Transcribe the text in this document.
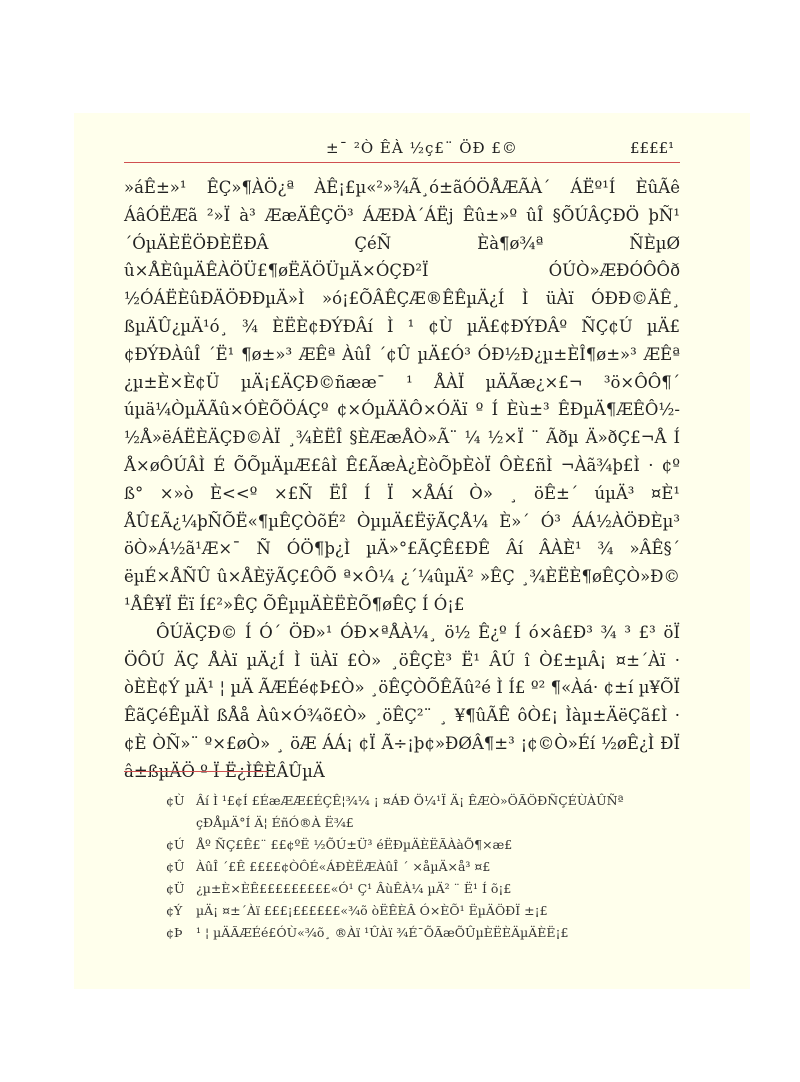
±¯ ²Ò ÊÀ ½ç£¨ ÖÐ £©	££££¹

»áÊ±»¹ ÊÇ»¶ÀÖ¿ª ÀÊ¡£µ«²»¾Ã¸ó±ãÓÖÅÆÃÀ´ ÁËº¹Í ÈûÃê ÁâÓËÆã ²»Ï à³ ÆæÄÊÇÖ³ ÁÆÐÀ´ÁËj Êû±»º ûÎ §ÕÚÂÇÐÖ þÑ¹ ´ÓµÄÈËÖÐÈËÐÂ ÇéÑ Èà¶ø¾ª ÑÈµØ û×ÅÈûµÄÊÀÖÜ£¶øËÄÖÜµÄ×ÓÇÐ²Ï ÓÚÒ»ÆÐÓÔÔð ½ÓÁËÈûÐÄÖÐÐµÄ»Ì »ó¡£ÕÂÊÇÆ®ÊÊµÄ¿Í Ì üÀï ÓÐÐ©ÄÊ¸ ßµÄÛ¿µÄ¹ó¸ ¾ ÈËÈ¢ÐÝÐÂí Ì ¹ ¢Ù µÄ£¢ÐÝÐÂº ÑÇ¢Ú µÄ£¢ÐÝÐÀûÎ ´Ë¹ ¶ø±»³ ÆÊª ÀûÎ ´¢Û µÄ£Ó³ ÓÐ½Ð¿µ±ÈÎ¶ø±»³ ÆÊª ¿µ±È×È¢Ü µÄ¡£ÄÇÐ©ñææ¯ ¹ ÅÀÏ µÄÃæ¿×£¬ ³ö×ÔÔ¶´ úµä¼ÒµÄÃû×ÓÈÕÖÁÇº ¢×ÓµÄÄÔ×ÓÄï º Í Èù±³ ÊÐµÄ¶ÆÊÔ½ ½Å»ëÁËÈÄÇÐ©ÀÏ ¸¾ÈËÎ §ÈÆæÅÒ»Ã¨ ¼ ½×Ï ¨ Ãðµ Ä»ðÇ£¬Å Í Å×øÔÚÂÌ É ÕÕµÄµÆ£âÌ Ê£ÃæÀ¿ÈòÕþÈòÏ ÔÈ£ñÌ ¬Àã¾þ£Ì · ¢º ß° ×»ò È<<º ×£Ñ ËÎ Í Ï ×ÅÁí Ò» ¸ öÊ±´ úµÄ³ ¤È¹ ÅÛ£Ã¿¼þÑÕË«¶µÊÇÒõÉ² ÒµµÄ£ËÿÃÇÅ¼ È»´ Ó³ ÁÁ½ÀÖÐÈµ³ öÒ»Á½ã¹Æ×¯ Ñ ÓÖ¶þ¿Ì µÄ»°£ÃÇÊ£ÐÊ Âí ÂÀÈ¹ ¾ »ÂÊ§´ ëµÉ×ÅÑÛ û×ÅÈÿÃÇ£ÔÕ ª×Ô¼ ¿´¼ûµÄ² »ÊÇ ¸¾ÈËÈ¶øÊÇÒ»Ð© ¹ÅÊ¥Ï Ëï Í£²»ÊÇ ÕÊµµÄÈËÈÕ¶øÊÇ Í Ó¡£

ÔÚÄÇÐ© Í Ó´ ÖÐ»¹ ÓÐ×ªÅÀ¼¸ ö½ Ê¿º Í ó×â£Ð³ ¾ ³ £³ öÏ ÖÔÚ ÄÇ ÅÀï µÄ¿Í Ì üÀï £Ò» ¸öÊÇÈ³ Ë¹ ÂÚ î Ò£±µÂ¡ ¤±´Àï · òÈÈ¢Ý µÄ¹ ¦ µÄ ÃÆÉé¢Þ£Ò» ¸öÊÇÒÕÊÃû²é Ì Í£ º² ¶«Àá· ¢±í µ¥ÕÏ ÊãÇéÊµÄÌ ßÅå Àû×Ó¾õ£Ò» ¸öÊÇ²¨ ¸ ¥¶ûÃÊ ôÒ£¡ Ìàµ±ÄëÇã£Ì · ¢È ÒÑ»¨ º×£øÒ» ¸ öÆ ÁÁ¡ ¢Ï Ã÷¡þ¢»ÐØÂ¶±³ ¡¢©Ò»Éí ½øÊ¿Ì ÐÏ â±ßµÄÖ º Ï Ë¿ÌÊÈÂÛµÄ

¢Ù Âí Ì ¹£¢Í £ÉæÆÆ£ÉÇÊ¦¾¼ ¡ ¤ÁÐ Ö¼¹Ï Ä¡ ÊÆÒ»ÖÃÖÐÑÇÉÙÀÛÑª çÐÅµÄ°Í Ä¦ ÉñÓ®À Ë¾£
¢Ú Åº ÑÇ£Ê£¨ ££¢ºË ½ÕÚ±Ü³ éËÐµÄÈËÃÀàÕ¶×æ£
¢Û ÀûÎ ´£Ê ££££¢ÒÔÉ«ÁÐÈËÆÀûÎ ´ ×åµÄ×å³ ¤£
¢Ü ¿µ±È×ÈÊ£££££££££«Ó¹ Ç¹ ÂùÊÀ¼ µÄ² ¨ Ë¹ Í õ¡£
¢Ý µÄ¡ ¤±´Àï £££¡££££££«¾õ òËÊÈÂ Ó×ÈÕ¹ ËµÄÖÐÏ ±¡£
¢Þ ¹ ¦ µÄÃÆÉé£ÓÙ«¾õ¸ ®Àï ¹ÛÀï ¾É¯ÕÃæÕÛµÈËÈÄµÄÈË¡£
